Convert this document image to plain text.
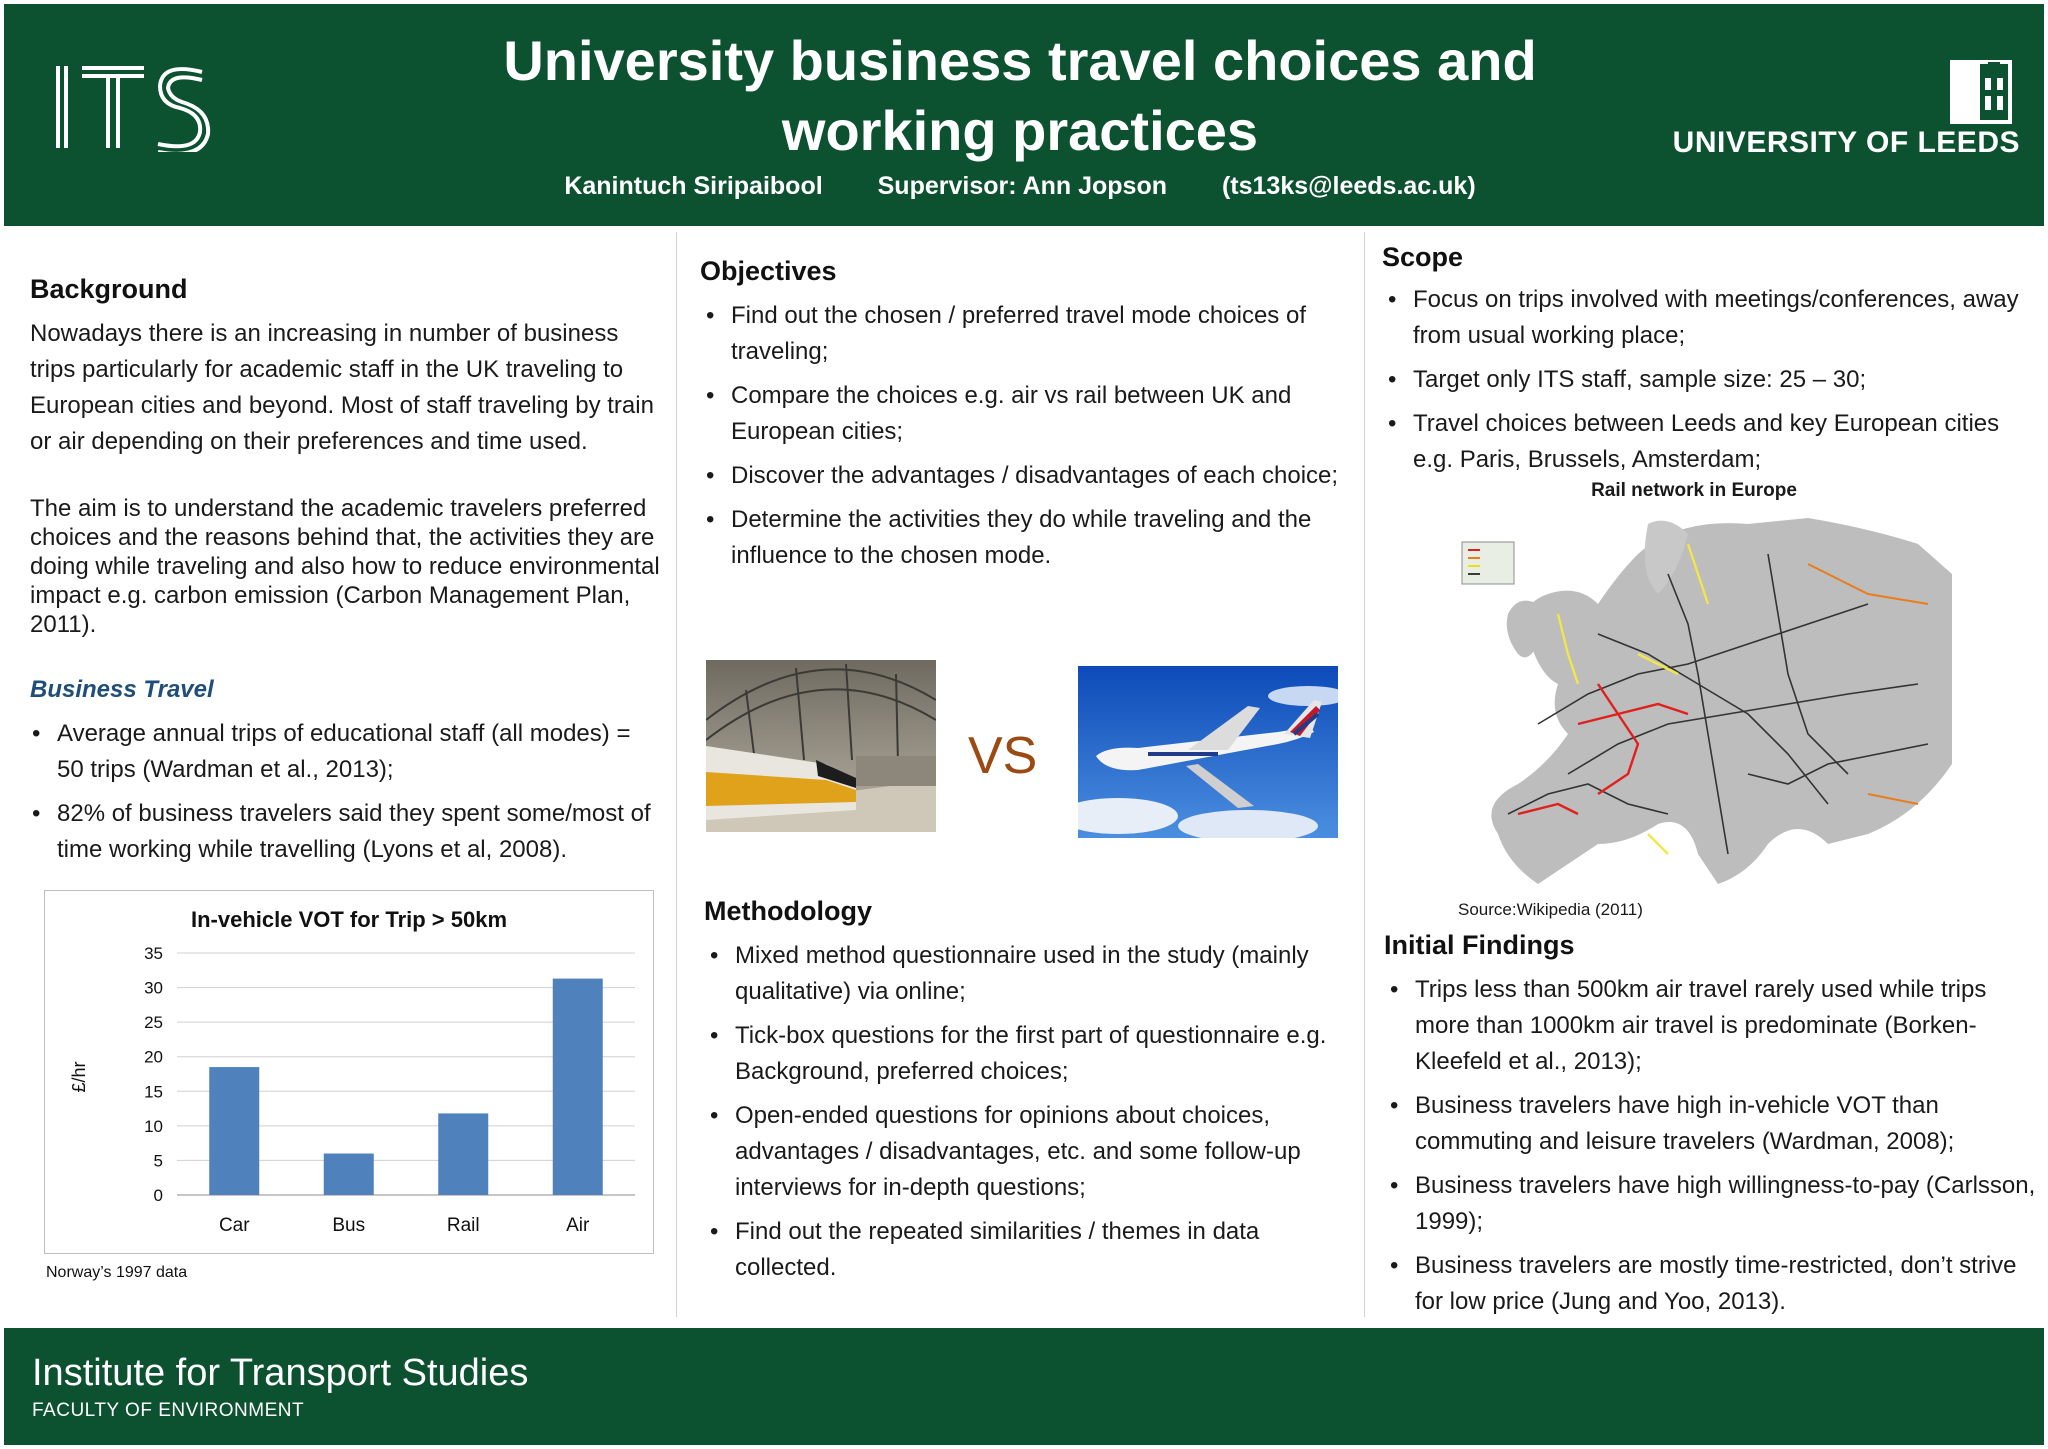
University business travel choices and
working practices
Kanintuch Siripaibool Supervisor: Ann Jopson (ts13ks@leeds.ac.uk)
UNIVERSITY OF LEEDS
Background
Nowadays there is an increasing in number of business trips particularly for academic staff in the UK traveling to European cities and beyond. Most of staff traveling by train or air depending on their preferences and time used.
The aim is to understand the academic travelers preferred choices and the reasons behind that, the activities they are doing while traveling and also how to reduce environmental impact e.g. carbon emission (Carbon Management Plan, 2011).
Business Travel
• Average annual trips of educational staff (all modes) = 50 trips (Wardman et al., 2013);
• 82% of business travelers said they spent some/most of time working while travelling (Lyons et al, 2008).
In-vehicle VOT for Trip > 50km
£/hr
0
5
10
15
20
25
30
35
Car	Bus	Rail	Air
Norway’s 1997 data
Objectives
• Find out the chosen / preferred travel mode choices of traveling;
• Compare the choices e.g. air vs rail between UK and European cities;
• Discover the advantages / disadvantages of each choice;
• Determine the activities they do while traveling and the influence to the chosen mode.
VS
Methodology
• Mixed method questionnaire used in the study (mainly qualitative) via online;
• Tick-box questions for the first part of questionnaire e.g. Background, preferred choices;
• Open-ended questions for opinions about choices, advantages / disadvantages, etc. and some follow-up interviews for in-depth questions;
• Find out the repeated similarities / themes in data collected.
Scope
• Focus on trips involved with meetings/conferences, away from usual working place;
• Target only ITS staff, sample size: 25 – 30;
• Travel choices between Leeds and key European cities e.g. Paris, Brussels, Amsterdam;
Rail network in Europe
Source:Wikipedia (2011)
Initial Findings
• Trips less than 500km air travel rarely used while trips more than 1000km air travel is predominate (Borken-Kleefeld et al., 2013);
• Business travelers have high in-vehicle VOT than commuting and leisure travelers (Wardman, 2008);
• Business travelers have high willingness-to-pay (Carlsson, 1999);
• Business travelers are mostly time-restricted, don’t strive for low price (Jung and Yoo, 2013).
Institute for Transport Studies
FACULTY OF ENVIRONMENT
